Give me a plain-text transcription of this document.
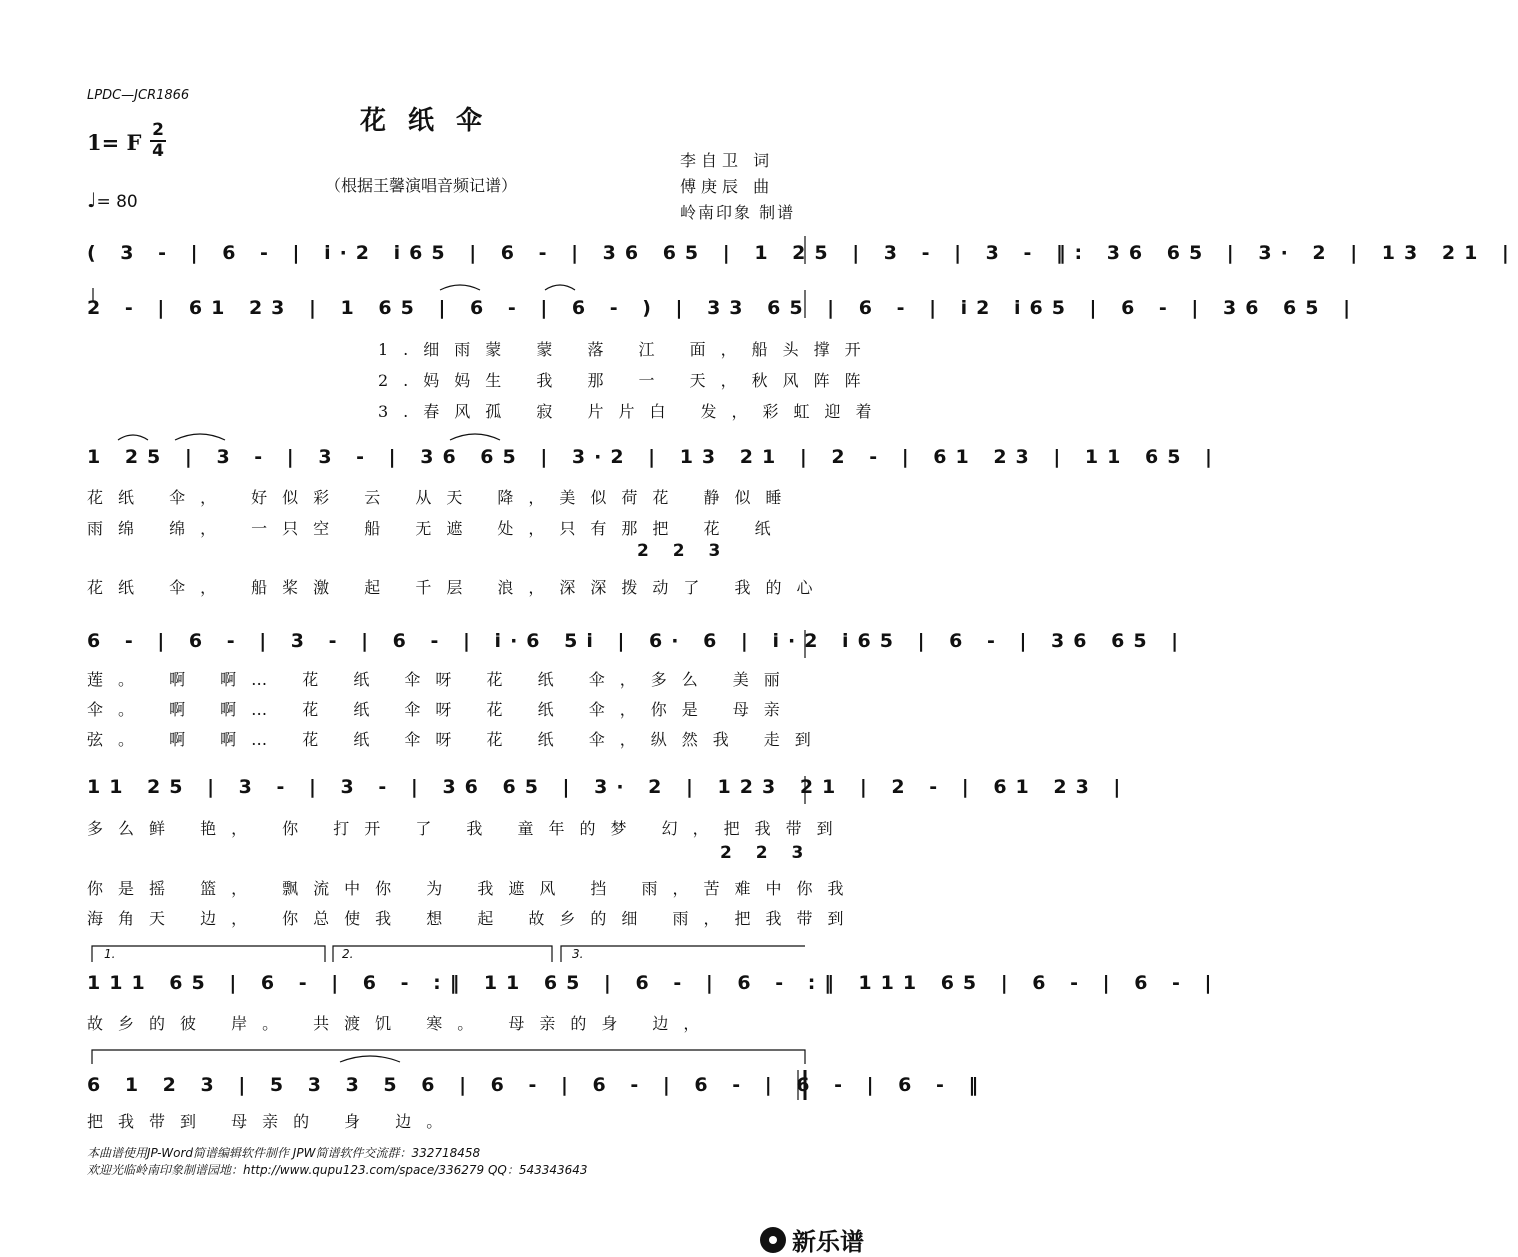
LPDC—JCR1866
花纸伞
1= F 2
4
（根据王馨演唱音频记谱）
♩= 80
李自卫 词
傅庚辰 曲
岭南印象 制谱
( 3 - | 6 - | i·2 i65 | 6 - | 36 65 | 1 25 | 3 - | 3 - ‖: 36 65 | 3· 2 | 13 21 |
2 - | 61 23 | 1 65 | 6 - | 6 - ) | 33 65 | 6 - | i2 i65 | 6 - | 36 65 |
1.细雨蒙 蒙 落 江 面，船头撑开
2.妈妈生 我 那 一 天，秋风阵阵
3.春风孤 寂 片片白 发，彩虹迎着
1 25 | 3 - | 3 - | 36 65 | 3·2 | 13 21 | 2 - | 61 23 | 11 65 |
花纸 伞， 好似彩 云 从天 降，美似荷花 静似睡
雨绵 绵， 一只空 船 无遮 处，只有那把 花 纸
2 2 3
花纸 伞， 船桨激 起 千层 浪，深深拨动了 我的心
6 - | 6 - | 3 - | 6 - | i·6 5i | 6· 6 | i·2 i65 | 6 - | 36 65 |
莲。 啊 啊… 花 纸 伞呀 花 纸 伞，多么 美丽
伞。 啊 啊… 花 纸 伞呀 花 纸 伞，你是 母亲
弦。 啊 啊… 花 纸 伞呀 花 纸 伞，纵然我 走到
11 25 | 3 - | 3 - | 36 65 | 3· 2 | 123 21 | 2 - | 61 23 |
多么鲜 艳， 你 打开 了 我 童年的梦 幻，把我带到
2 2 3
你是摇 篮， 飘流中你 为 我遮风 挡 雨，苦难中你我
海角天 边， 你总使我 想 起 故乡的细 雨，把我带到
1.	2.	3.
111 65 | 6 - | 6 - :‖ 11 65 | 6 - | 6 - :‖ 111 65 | 6 - | 6 - |
故乡的彼 岸。 共渡饥 寒。 母亲的身 边，
6 1 2 3 | 5 3 3 5 6 | 6 - | 6 - | 6 - | 6 - | 6 - ‖
把我带到 母亲的 身 边。
本曲谱使用JP-Word简谱编辑软件制作 JPW简谱软件交流群：332718458
欢迎光临岭南印象制谱园地：http://www.qupu123.com/space/336279 QQ：543343643
新乐谱
